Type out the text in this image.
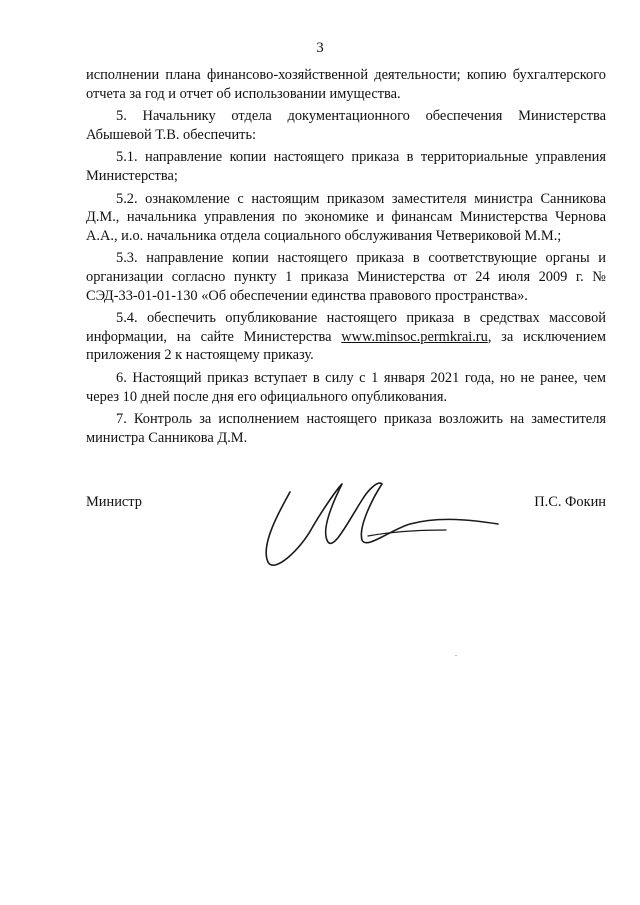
3

исполнении плана финансово-хозяйственной деятельности; копию бухгалтерского отчета за год и отчет об использовании имущества.

5. Начальнику отдела документационного обеспечения Министерства Абышевой Т.В. обеспечить:

5.1. направление копии настоящего приказа в территориальные управления Министерства;

5.2. ознакомление с настоящим приказом заместителя министра Санникова Д.М., начальника управления по экономике и финансам Министерства Чернова А.А., и.о. начальника отдела социального обслуживания Четвериковой М.М.;

5.3. направление копии настоящего приказа в соответствующие органы и организации согласно пункту 1 приказа Министерства от 24 июля 2009 г. № СЭД-33-01-01-130 «Об обеспечении единства правового пространства».

5.4. обеспечить опубликование настоящего приказа в средствах массовой информации, на сайте Министерства www.minsoc.permkrai.ru, за исключением приложения 2 к настоящему приказу.

6. Настоящий приказ вступает в силу с 1 января 2021 года, но не ранее, чем через 10 дней после дня его официального опубликования.

7. Контроль за исполнением настоящего приказа возложить на заместителя министра Санникова Д.М.

Министр	П.С. Фокин
